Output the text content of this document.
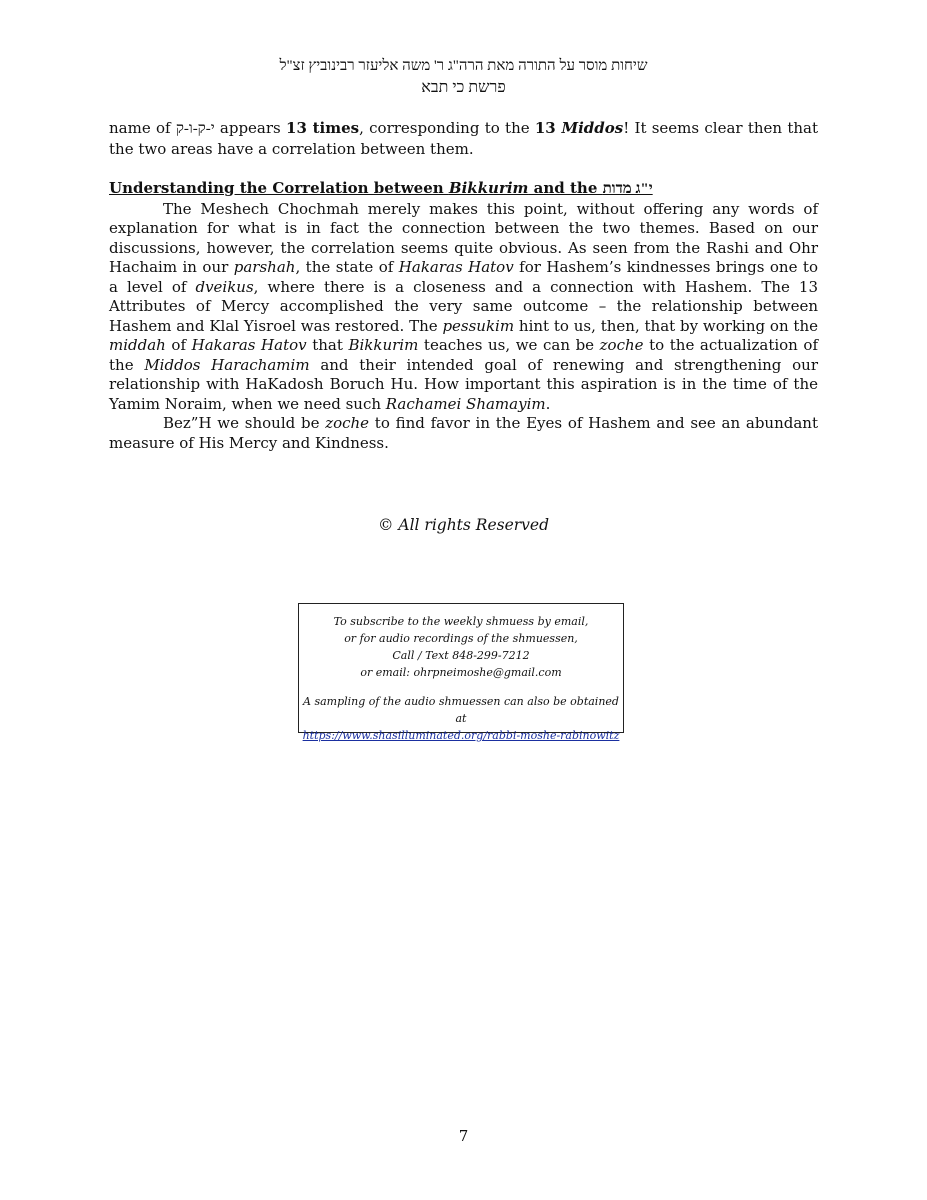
שיחות מוסר על התורה מאת הרה"ג ר' משה אליעזר רבינוביץ זצ"ל
פרשת כי תבא

name of י-ק-ו-ק appears 13 times, corresponding to the 13 Middos! It seems clear then that the two areas have a correlation between them.

Understanding the Correlation between Bikkurim and the י"ג מדות

The Meshech Chochmah merely makes this point, without offering any words of explanation for what is in fact the connection between the two themes. Based on our discussions, however, the correlation seems quite obvious. As seen from the Rashi and Ohr Hachaim in our parshah, the state of Hakaras Hatov for Hashem’s kindnesses brings one to a level of dveikus, where there is a closeness and a connection with Hashem. The 13 Attributes of Mercy accomplished the very same outcome – the relationship between Hashem and Klal Yisroel was restored. The pessukim hint to us, then, that by working on the middah of Hakaras Hatov that Bikkurim teaches us, we can be zoche to the actualization of the Middos Harachamim and their intended goal of renewing and strengthening our relationship with HaKadosh Boruch Hu. How important this aspiration is in the time of the Yamim Noraim, when we need such Rachamei Shamayim.

Bez”H we should be zoche to find favor in the Eyes of Hashem and see an abundant measure of His Mercy and Kindness.

© All rights Reserved
To subscribe to the weekly shmuess by email,
or for audio recordings of the shmuessen,
Call / Text 848-299-7212
or email: ohrpneimoshe@gmail.com
A sampling of the audio shmuessen can also be obtained at
https://www.shasilluminated.org/rabbi-moshe-rabinowitz
7
